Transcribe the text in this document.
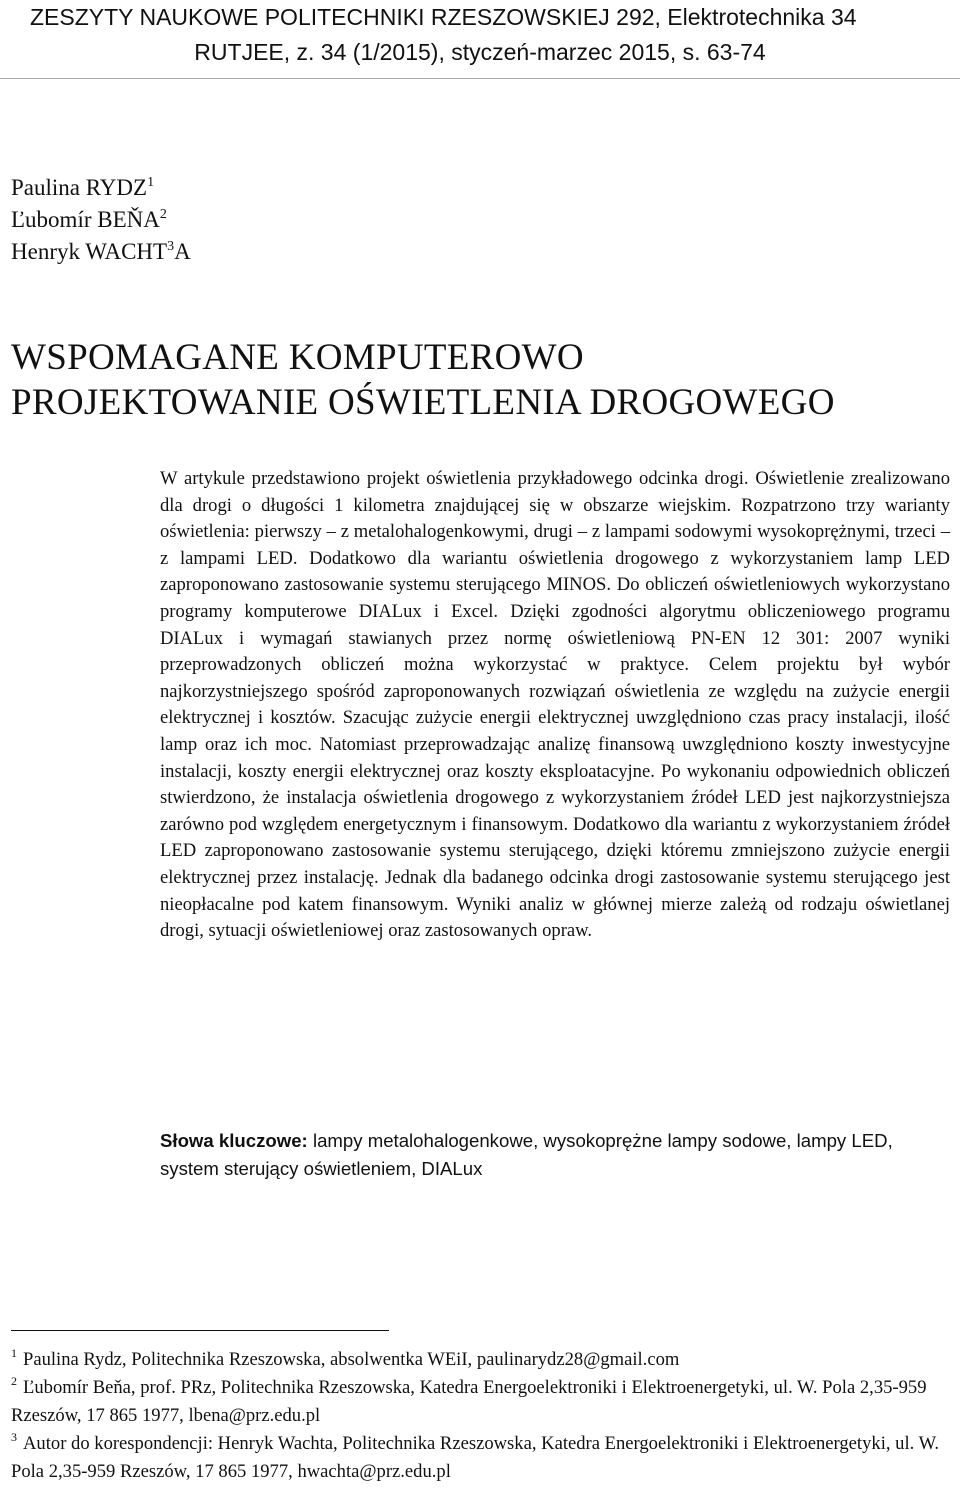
ZESZYTY NAUKOWE POLITECHNIKI RZESZOWSKIEJ 292, Elektrotechnika 34
RUTJEE, z. 34 (1/2015), styczeń-marzec 2015, s. 63-74
Paulina RYDZ$^1$
Ľubomír BEŇA$^2$
Henryk WACHT$^3$A
WSPOMAGANE KOMPUTEROWO
PROJEKTOWANIE OŚWIETLENIA DROGOWEGO
W artykule przedstawiono projekt oświetlenia przykładowego odcinka drogi. Oświetlenie zrealizowano dla drogi o długości 1 kilometra znajdującej się w obszarze wiejskim. Rozpatrzono trzy warianty oświetlenia: pierwszy – z metalohalogenkowymi, drugi – z lampami sodowymi wysokoprężnymi, trzeci – z lampami LED. Dodatkowo dla wariantu oświetlenia drogowego z wykorzystaniem lamp LED zaproponowano zastosowanie systemu sterującego MINOS. Do obliczeń oświetleniowych wykorzystano programy komputerowe DIALux i Excel. Dzięki zgodności algorytmu obliczeniowego programu DIALux i wymagań stawianych przez normę oświetleniową PN-EN 12 301: 2007 wyniki przeprowadzonych obliczeń można wykorzystać w praktyce. Celem projektu był wybór najkorzystniejszego spośród zaproponowanych rozwiązań oświetlenia ze względu na zużycie energii elektrycznej i kosztów. Szacując zużycie energii elektrycznej uwzględniono czas pracy instalacji, ilość lamp oraz ich moc. Natomiast przeprowadzając analizę finansową uwzględniono koszty inwestycyjne instalacji, koszty energii elektrycznej oraz koszty eksploatacyjne. Po wykonaniu odpowiednich obliczeń stwierdzono, że instalacja oświetlenia drogowego z wykorzystaniem źródeł LED jest najkorzystniejsza zarówno pod względem energetycznym i finansowym. Dodatkowo dla wariantu z wykorzystaniem źródeł LED zaproponowano zastosowanie systemu sterującego, dzięki któremu zmniejszono zużycie energii elektrycznej przez instalację. Jednak dla badanego odcinka drogi zastosowanie systemu sterującego jest nieopłacalne pod katem finansowym. Wyniki analiz w głównej mierze zależą od rodzaju oświetlanej drogi, sytuacji oświetleniowej oraz zastosowanych opraw.
Słowa kluczowe: lampy metalohalogenkowe, wysokoprężne lampy sodowe, lampy LED, system sterujący oświetleniem, DIALux
$^1$ Paulina Rydz, Politechnika Rzeszowska, absolwentka WEiI, paulinarydz28@gmail.com
$^2$ Ľubomír Beňa, prof. PRz, Politechnika Rzeszowska, Katedra Energoelektroniki i Elektroenergetyki, ul. W. Pola 2,35-959 Rzeszów, 17 865 1977, lbena@prz.edu.pl
$^3$ Autor do korespondencji: Henryk Wachta, Politechnika Rzeszowska, Katedra Energoelektroniki i Elektroenergetyki, ul. W. Pola 2,35-959 Rzeszów, 17 865 1977, hwachta@prz.edu.pl
